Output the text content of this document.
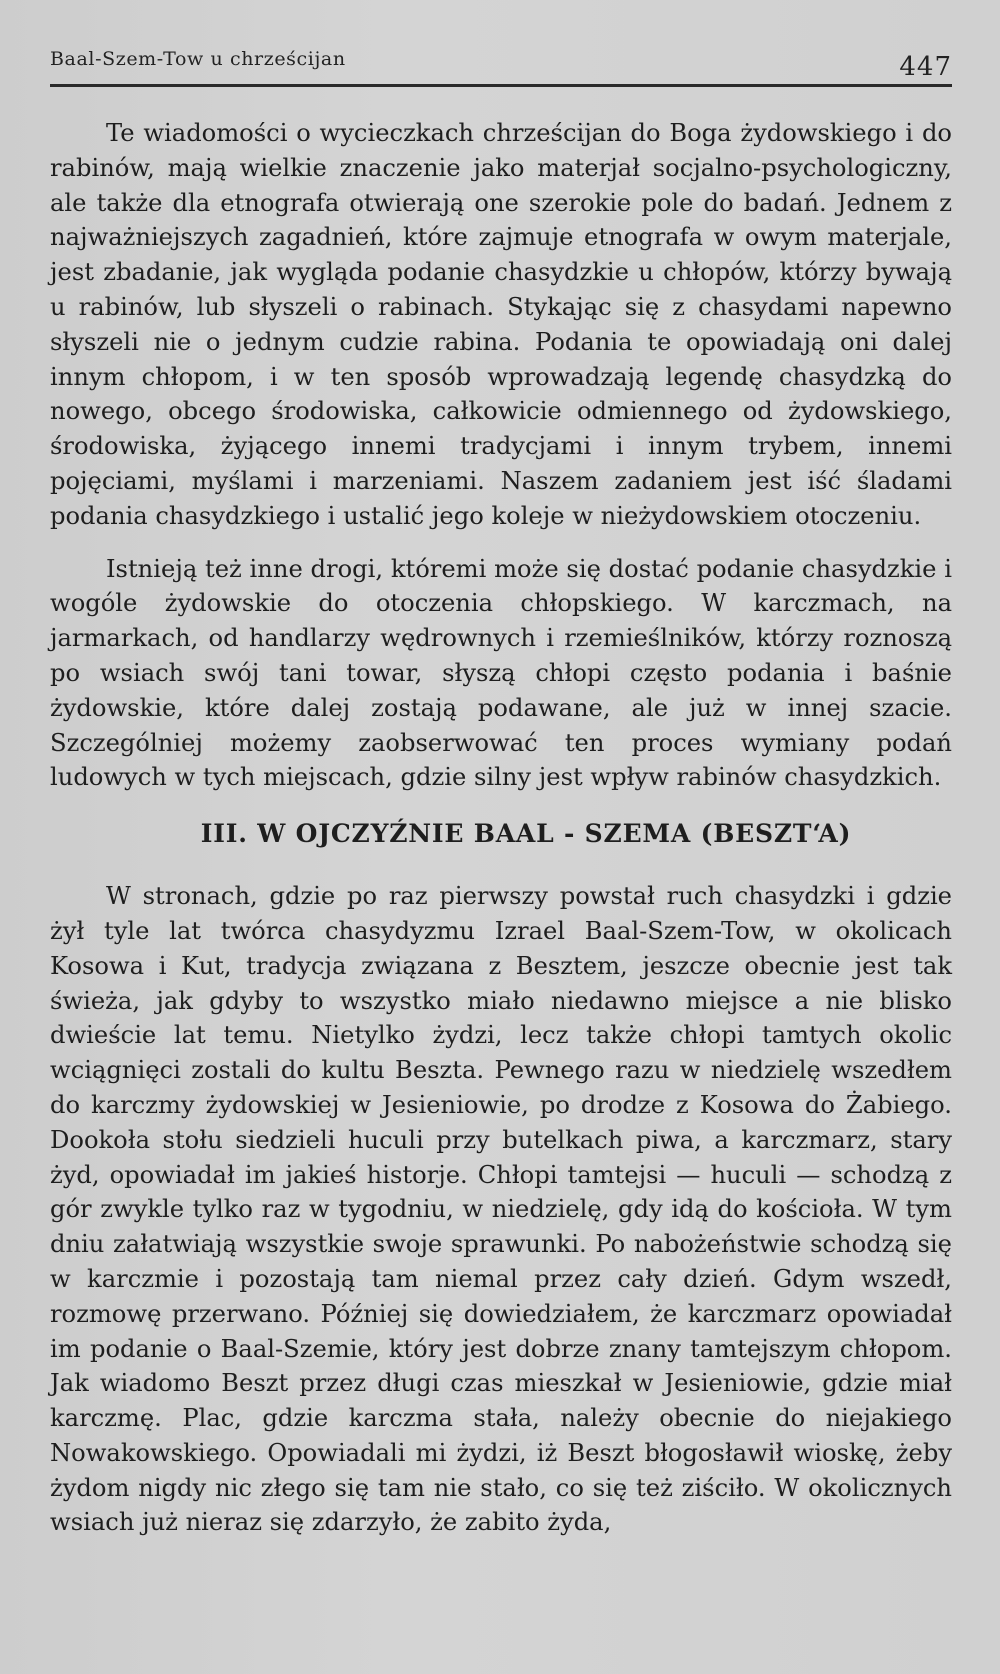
Baal-Szem-Tow u chrześcijan	447

Te wiadomości o wycieczkach chrześcijan do Boga żydowskiego i do rabinów, mają wielkie znaczenie jako materjał socjalno-psychologiczny, ale także dla etnografa otwierają one szerokie pole do badań. Jednem z najważniejszych zagadnień, które zajmuje etnografa w owym materjale, jest zbadanie, jak wygląda podanie chasydzkie u chłopów, którzy bywają u rabinów, lub słyszeli o rabinach. Stykając się z chasydami napewno słyszeli nie o jednym cudzie rabina. Podania te opowiadają oni dalej innym chłopom, i w ten sposób wprowadzają legendę chasydzką do nowego, obcego środowiska, całkowicie odmiennego od żydowskiego, środowiska, żyjącego innemi tradycjami i innym trybem, innemi pojęciami, myślami i marzeniami. Naszem zadaniem jest iść śladami podania chasydzkiego i ustalić jego koleje w nieżydowskiem otoczeniu.

Istnieją też inne drogi, któremi może się dostać podanie chasydzkie i wogóle żydowskie do otoczenia chłopskiego. W karczmach, na jarmarkach, od handlarzy wędrownych i rzemieślników, którzy roznoszą po wsiach swój tani towar, słyszą chłopi często podania i baśnie żydowskie, które dalej zostają podawane, ale już w innej szacie. Szczególniej możemy zaobserwować ten proces wymiany podań ludowych w tych miejscach, gdzie silny jest wpływ rabinów chasydzkich.

III. W OJCZYŹNIE BAAL - SZEMA (BESZT‘A)

W stronach, gdzie po raz pierwszy powstał ruch chasydzki i gdzie żył tyle lat twórca chasydyzmu Izrael Baal-Szem-Tow, w okolicach Kosowa i Kut, tradycja związana z Besztem, jeszcze obecnie jest tak świeża, jak gdyby to wszystko miało niedawno miejsce a nie blisko dwieście lat temu. Nietylko żydzi, lecz także chłopi tamtych okolic wciągnięci zostali do kultu Beszta. Pewnego razu w niedzielę wszedłem do karczmy żydowskiej w Jesieniowie, po drodze z Kosowa do Żabiego. Dookoła stołu siedzieli huculi przy butelkach piwa, a karczmarz, stary żyd, opowiadał im jakieś historje. Chłopi tamtejsi — huculi — schodzą z gór zwykle tylko raz w tygodniu, w niedzielę, gdy idą do kościoła. W tym dniu załatwiają wszystkie swoje sprawunki. Po nabożeństwie schodzą się w karczmie i pozostają tam niemal przez cały dzień. Gdym wszedł, rozmowę przerwano. Później się dowiedziałem, że karczmarz opowiadał im podanie o Baal-Szemie, który jest dobrze znany tamtejszym chłopom. Jak wiadomo Beszt przez długi czas mieszkał w Jesieniowie, gdzie miał karczmę. Plac, gdzie karczma stała, należy obecnie do niejakiego Nowakowskiego. Opowiadali mi żydzi, iż Beszt błogosławił wioskę, żeby żydom nigdy nic złego się tam nie stało, co się też ziściło. W okolicznych wsiach już nieraz się zdarzyło, że zabito żyda,
